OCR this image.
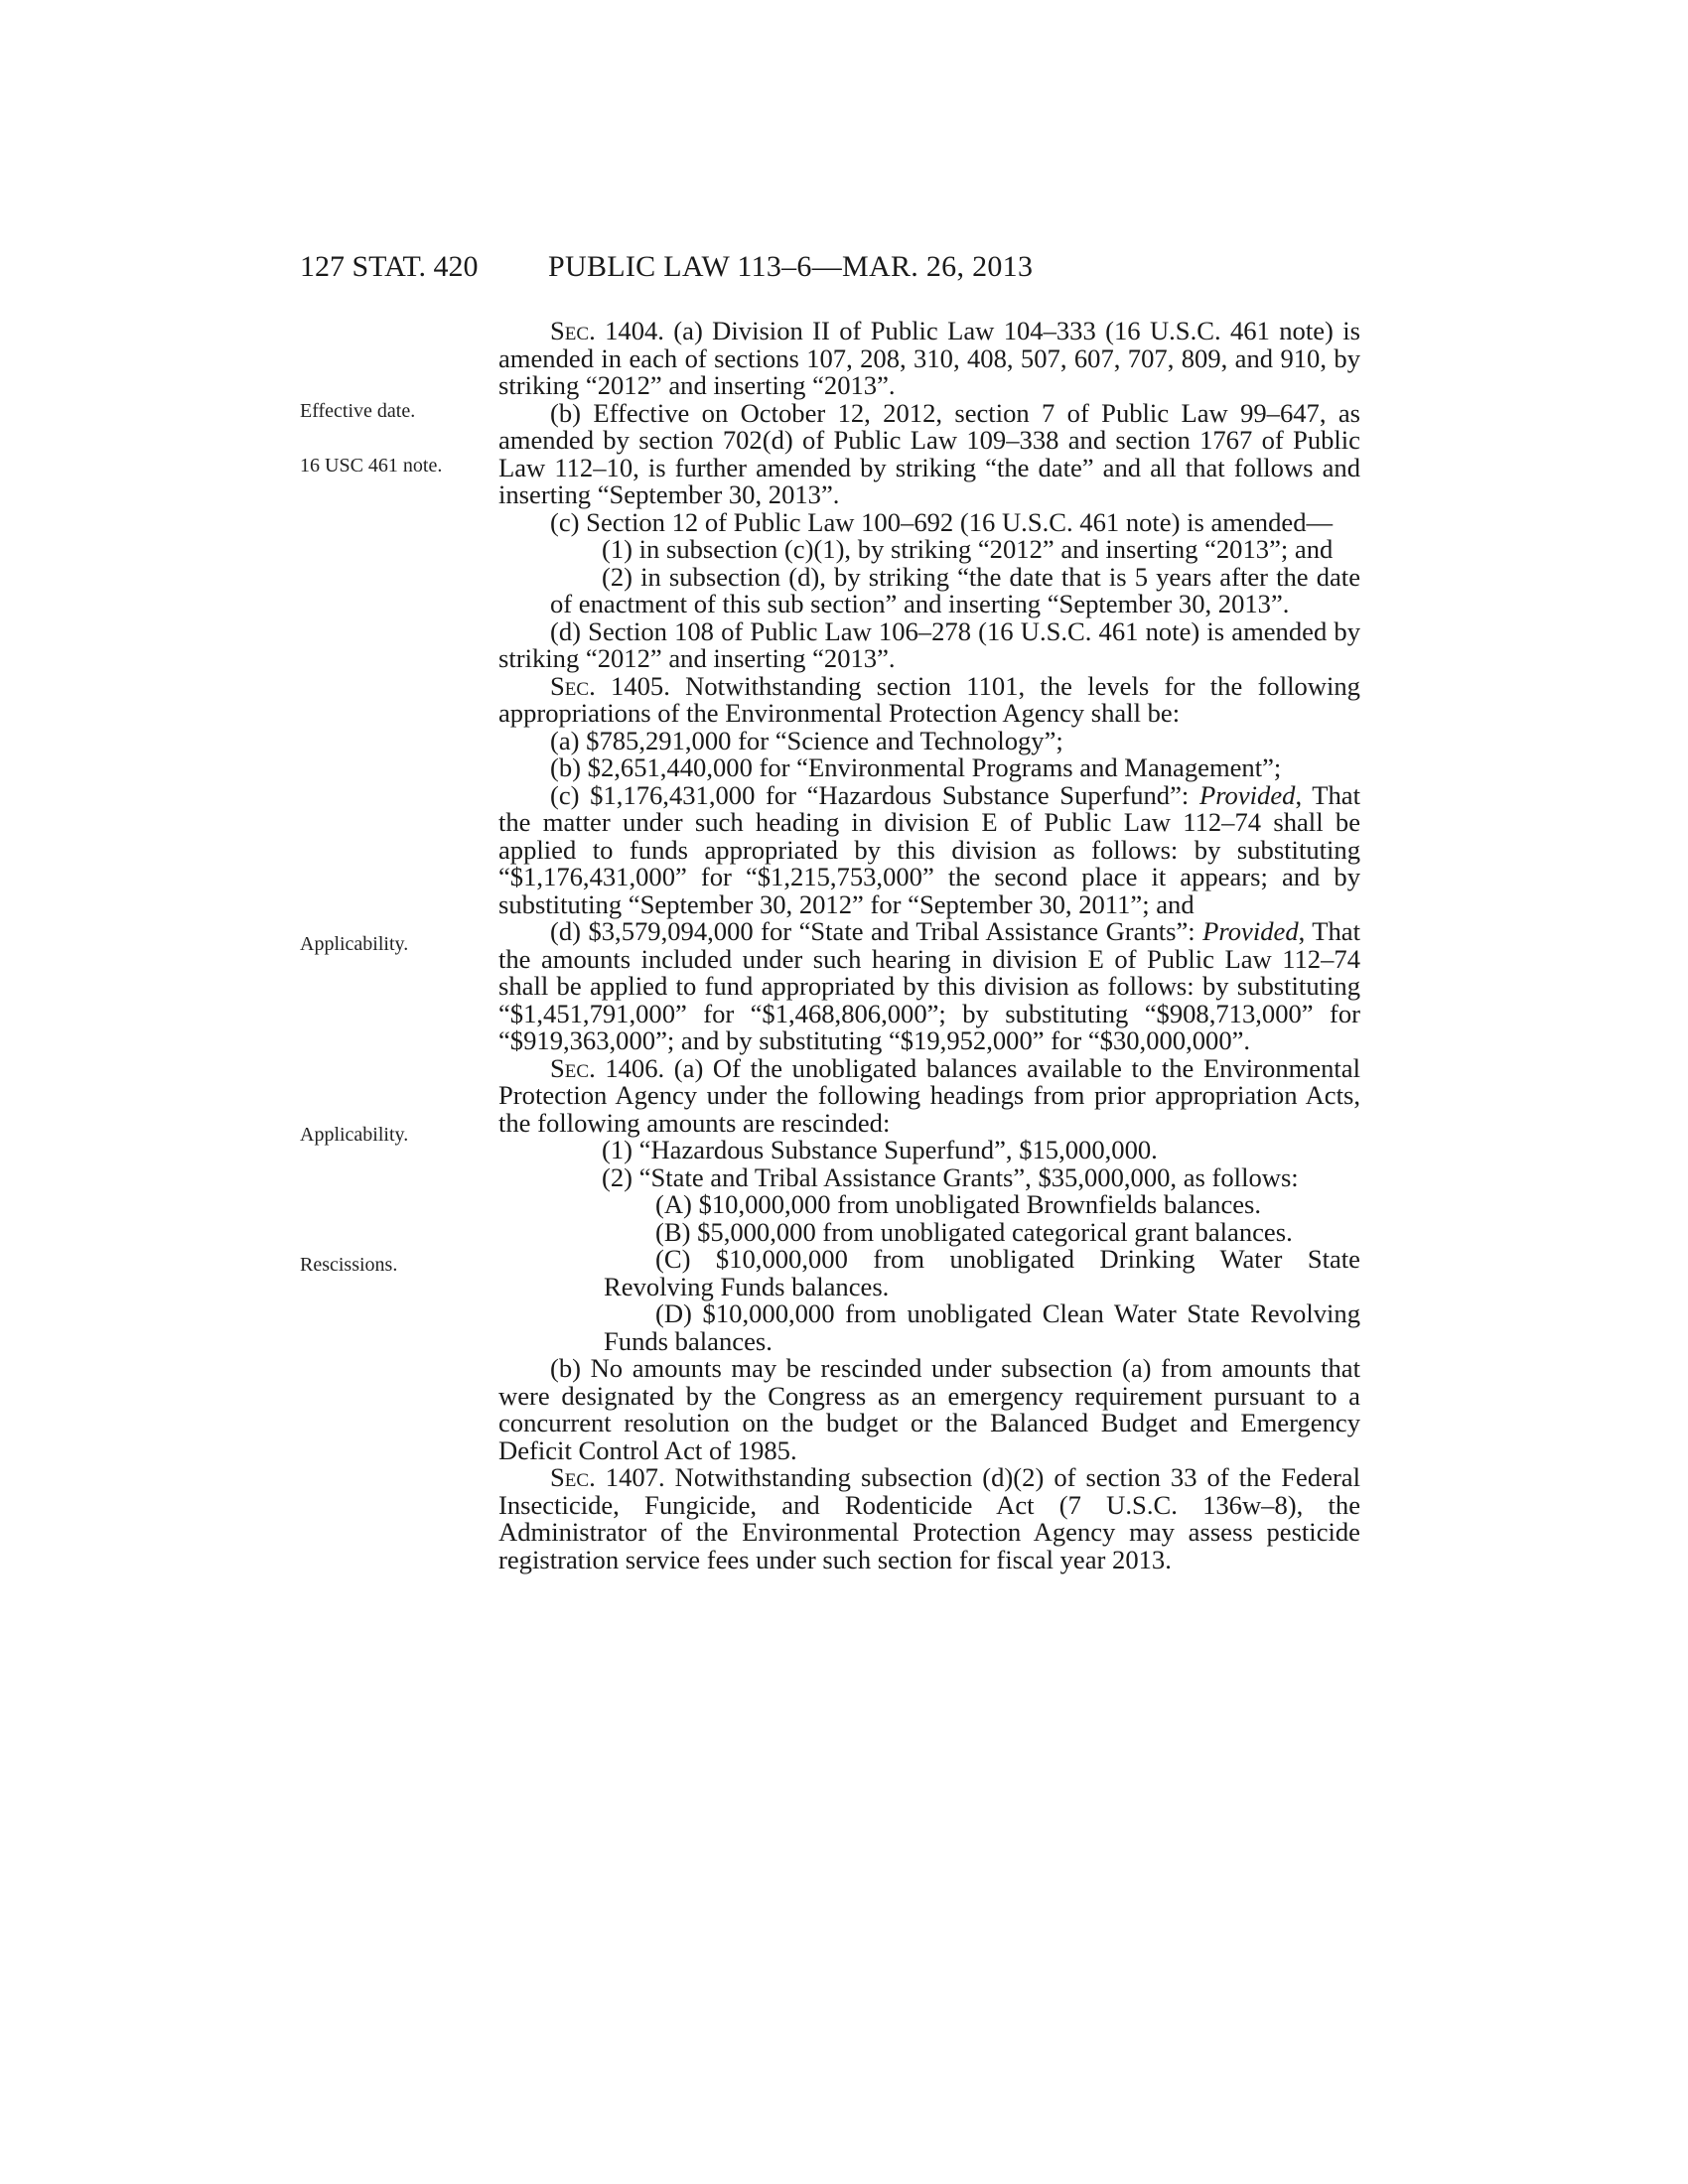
127 STAT. 420 PUBLIC LAW 113–6—MAR. 26, 2013
Effective date.
16 USC 461 note.
Applicability.
Applicability.
Rescissions.

Sec. 1404. (a) Division II of Public Law 104–333 (16 U.S.C. 461 note) is amended in each of sections 107, 208, 310, 408, 507, 607, 707, 809, and 910, by striking “2012” and inserting “2013”.

(b) Effective on October 12, 2012, section 7 of Public Law 99–647, as amended by section 702(d) of Public Law 109–338 and section 1767 of Public Law 112–10, is further amended by striking “the date” and all that follows and inserting “September 30, 2013”.

(c) Section 12 of Public Law 100–692 (16 U.S.C. 461 note) is amended—

(1) in subsection (c)(1), by striking “2012” and inserting “2013”; and

(2) in subsection (d), by striking “the date that is 5 years after the date of enactment of this sub section” and inserting “September 30, 2013”.

(d) Section 108 of Public Law 106–278 (16 U.S.C. 461 note) is amended by striking “2012” and inserting “2013”.

Sec. 1405. Notwithstanding section 1101, the levels for the following appropriations of the Environmental Protection Agency shall be:

(a) $785,291,000 for “Science and Technology”;

(b) $2,651,440,000 for “Environmental Programs and Management”;

(c) $1,176,431,000 for “Hazardous Substance Superfund”: Provided, That the matter under such heading in division E of Public Law 112–74 shall be applied to funds appropriated by this division as follows: by substituting “$1,176,431,000” for “$1,215,753,000” the second place it appears; and by substituting “September 30, 2012” for “September 30, 2011”; and

(d) $3,579,094,000 for “State and Tribal Assistance Grants”: Provided, That the amounts included under such hearing in division E of Public Law 112–74 shall be applied to fund appropriated by this division as follows: by substituting “$1,451,791,000” for “$1,468,806,000”; by substituting “$908,713,000” for “$919,363,000”; and by substituting “$19,952,000” for “$30,000,000”.

Sec. 1406. (a) Of the unobligated balances available to the Environmental Protection Agency under the following headings from prior appropriation Acts, the following amounts are rescinded:

(1) “Hazardous Substance Superfund”, $15,000,000.

(2) “State and Tribal Assistance Grants”, $35,000,000, as follows:

(A) $10,000,000 from unobligated Brownfields balances.

(B) $5,000,000 from unobligated categorical grant balances.

(C) $10,000,000 from unobligated Drinking Water State Revolving Funds balances.

(D) $10,000,000 from unobligated Clean Water State Revolving Funds balances.

(b) No amounts may be rescinded under subsection (a) from amounts that were designated by the Congress as an emergency requirement pursuant to a concurrent resolution on the budget or the Balanced Budget and Emergency Deficit Control Act of 1985.

Sec. 1407. Notwithstanding subsection (d)(2) of section 33 of the Federal Insecticide, Fungicide, and Rodenticide Act (7 U.S.C. 136w–8), the Administrator of the Environmental Protection Agency may assess pesticide registration service fees under such section for fiscal year 2013.
